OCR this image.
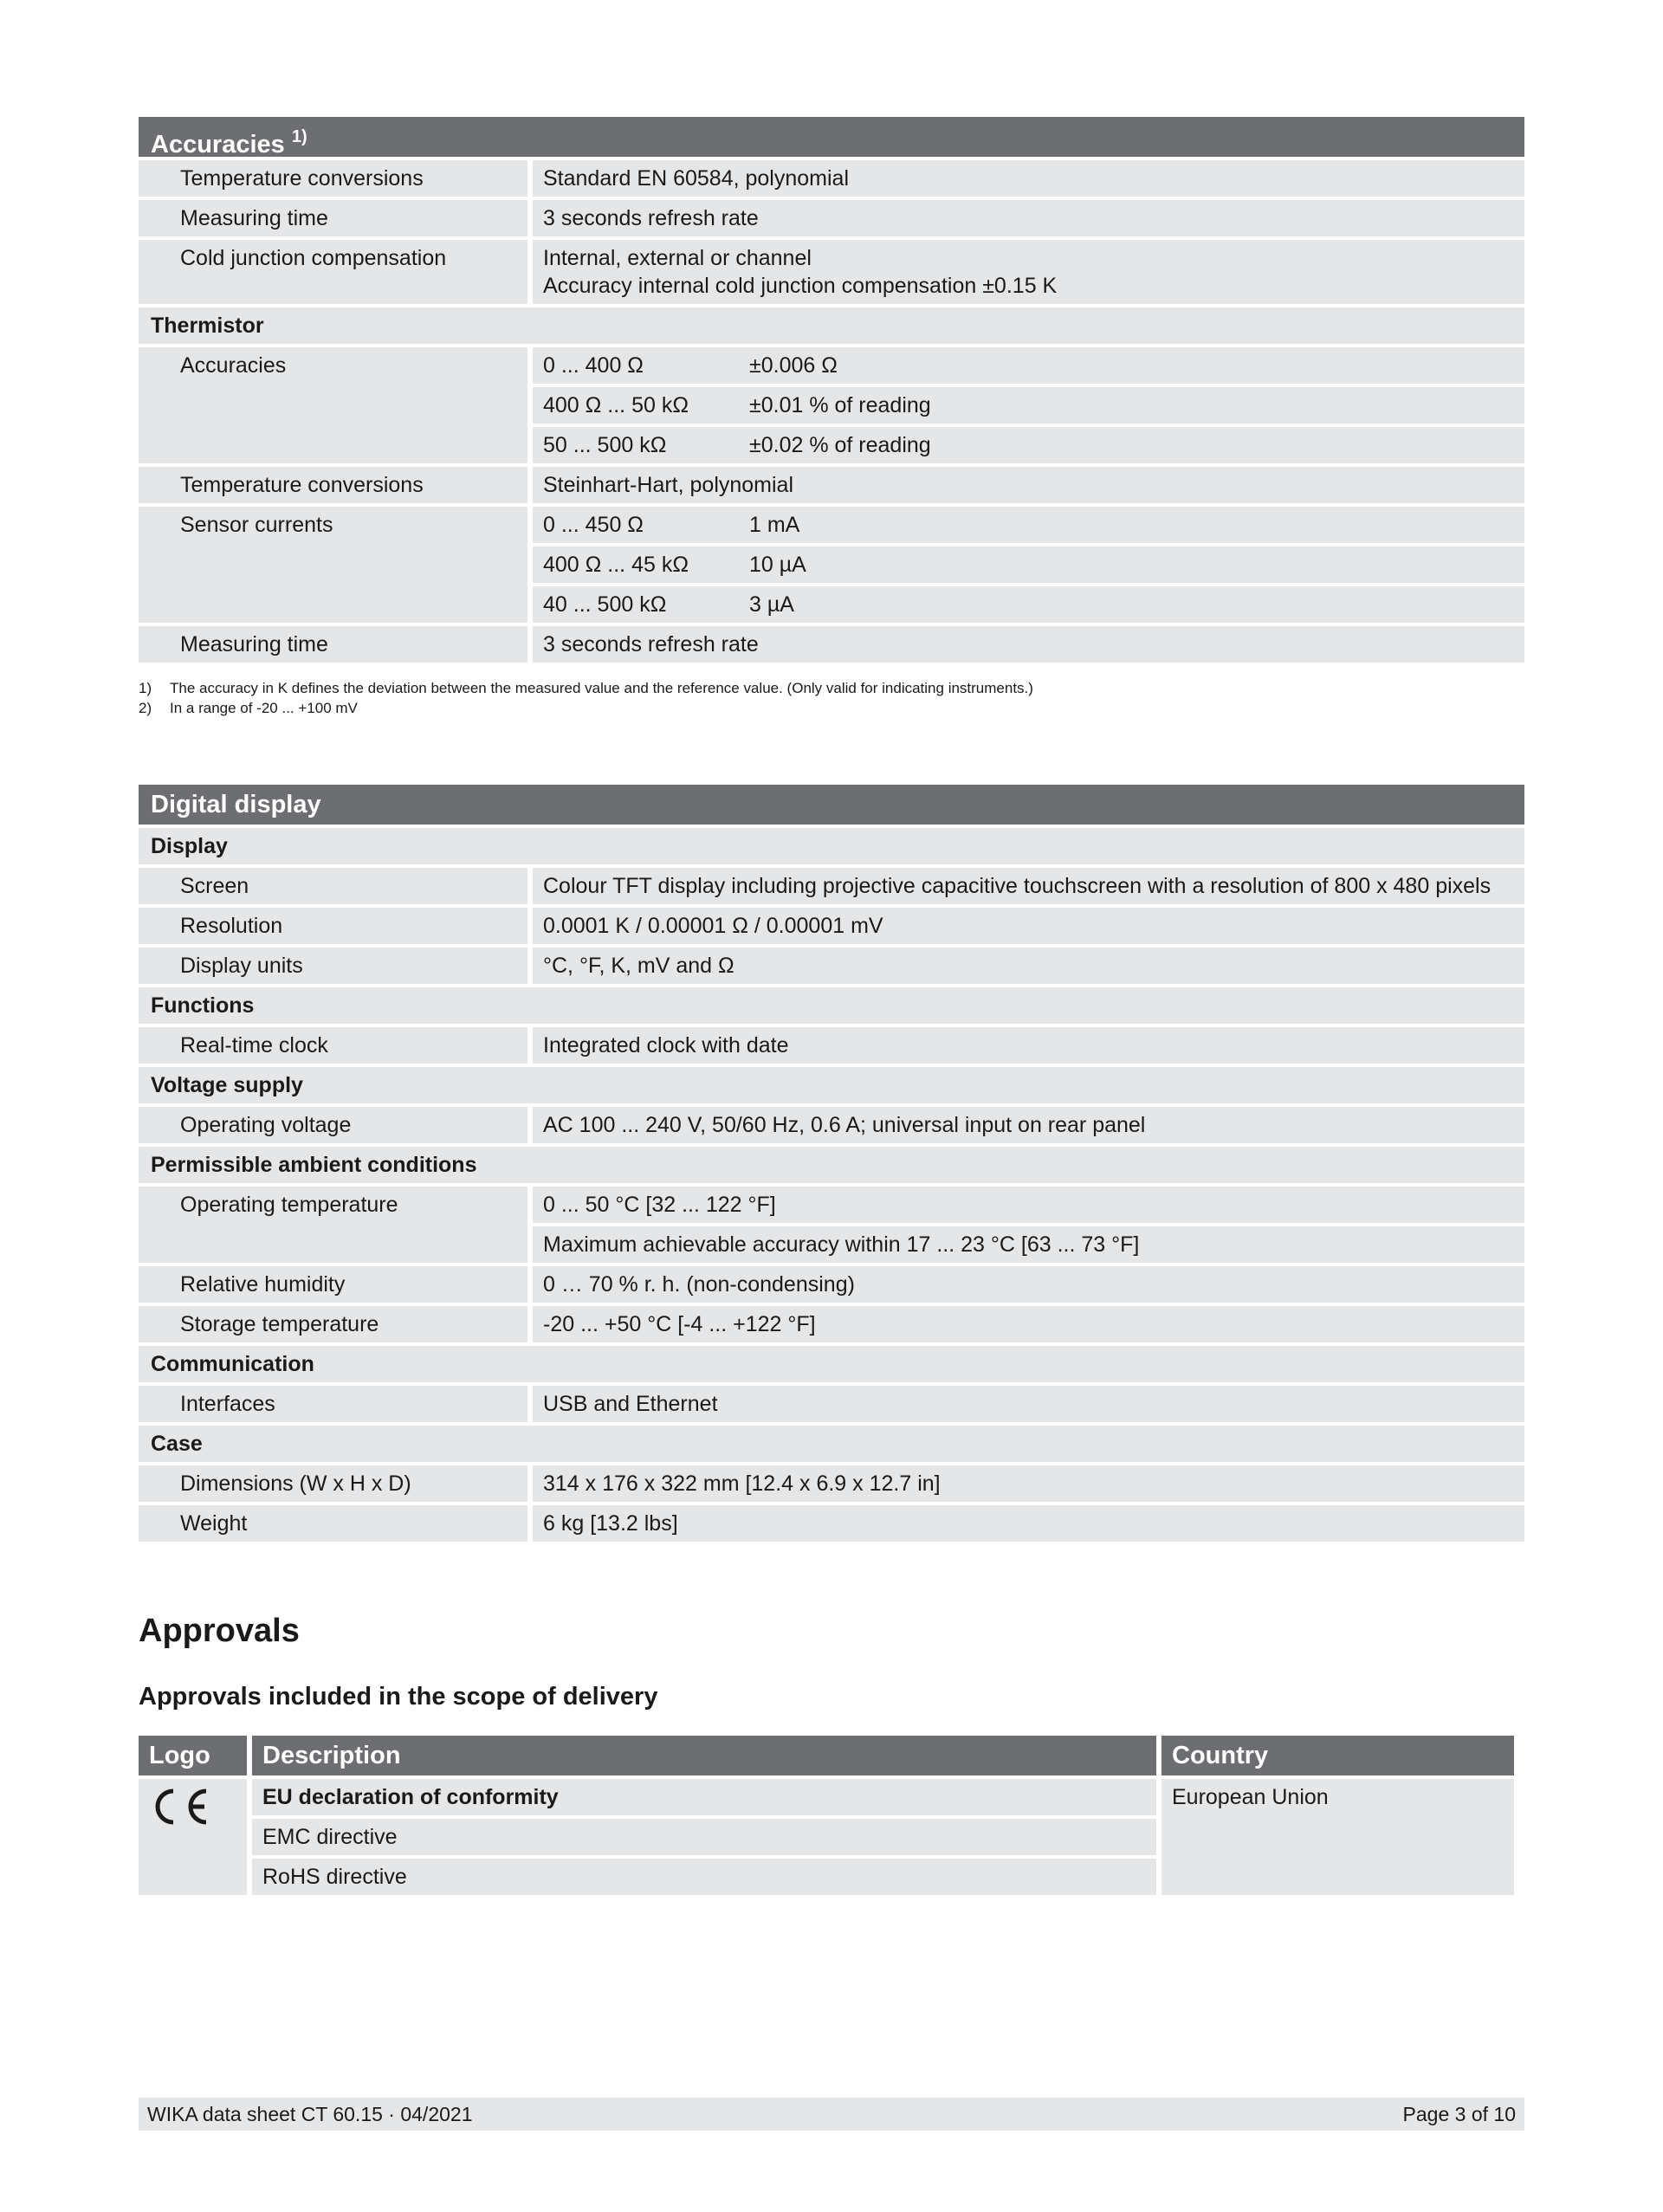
Accuracies $^{1)}$
Temperature conversions	Standard EN 60584, polynomial
Measuring time	3 seconds refresh rate
Cold junction compensation	Internal, external or channel
Accuracy internal cold junction compensation ±0.15 K

Thermistor	
Accuracies	0 ... 400 Ω ±0.006 Ω
	400 Ω ... 50 kΩ ±0.01 % of reading
	50 ... 500 kΩ ±0.02 % of reading
Temperature conversions	Steinhart-Hart, polynomial
Sensor currents	0 ... 450 Ω 1 mA
	400 Ω ... 45 kΩ 10 µA
	40 ... 500 kΩ 3 µA
Measuring time	3 seconds refresh rate
1) The accuracy in K defines the deviation between the measured value and the reference value. (Only valid for indicating instruments.)
2) In a range of -20 ... +100 mV
Digital display
Display	
Screen	Colour TFT display including projective capacitive touchscreen with a resolution of 800 x 480 pixels
Resolution	0.0001 K / 0.00001 Ω / 0.00001 mV
Display units	°C, °F, K, mV and Ω
Functions	
Real-time clock	Integrated clock with date
Voltage supply	
Operating voltage	AC 100 ... 240 V, 50/60 Hz, 0.6 A; universal input on rear panel
Permissible ambient conditions	
Operating temperature	0 ... 50 °C [32 ... 122 °F]
	Maximum achievable accuracy within 17 ... 23 °C [63 ... 73 °F]
Relative humidity	0 … 70 % r. h. (non-condensing)
Storage temperature	-20 ... +50 °C [-4 ... +122 °F]
Communication	
Interfaces	USB and Ethernet
Case	
Dimensions (W x H x D)	314 x 176 x 322 mm [12.4 x 6.9 x 12.7 in]
Weight	6 kg [13.2 lbs]
Approvals
Approvals included in the scope of delivery
Logo	Description	Country
	EU declaration of conformity	European Union
	EMC directive	
	RoHS directive	
WIKA data sheet CT 60.15 · 04/2021	Page 3 of 10
